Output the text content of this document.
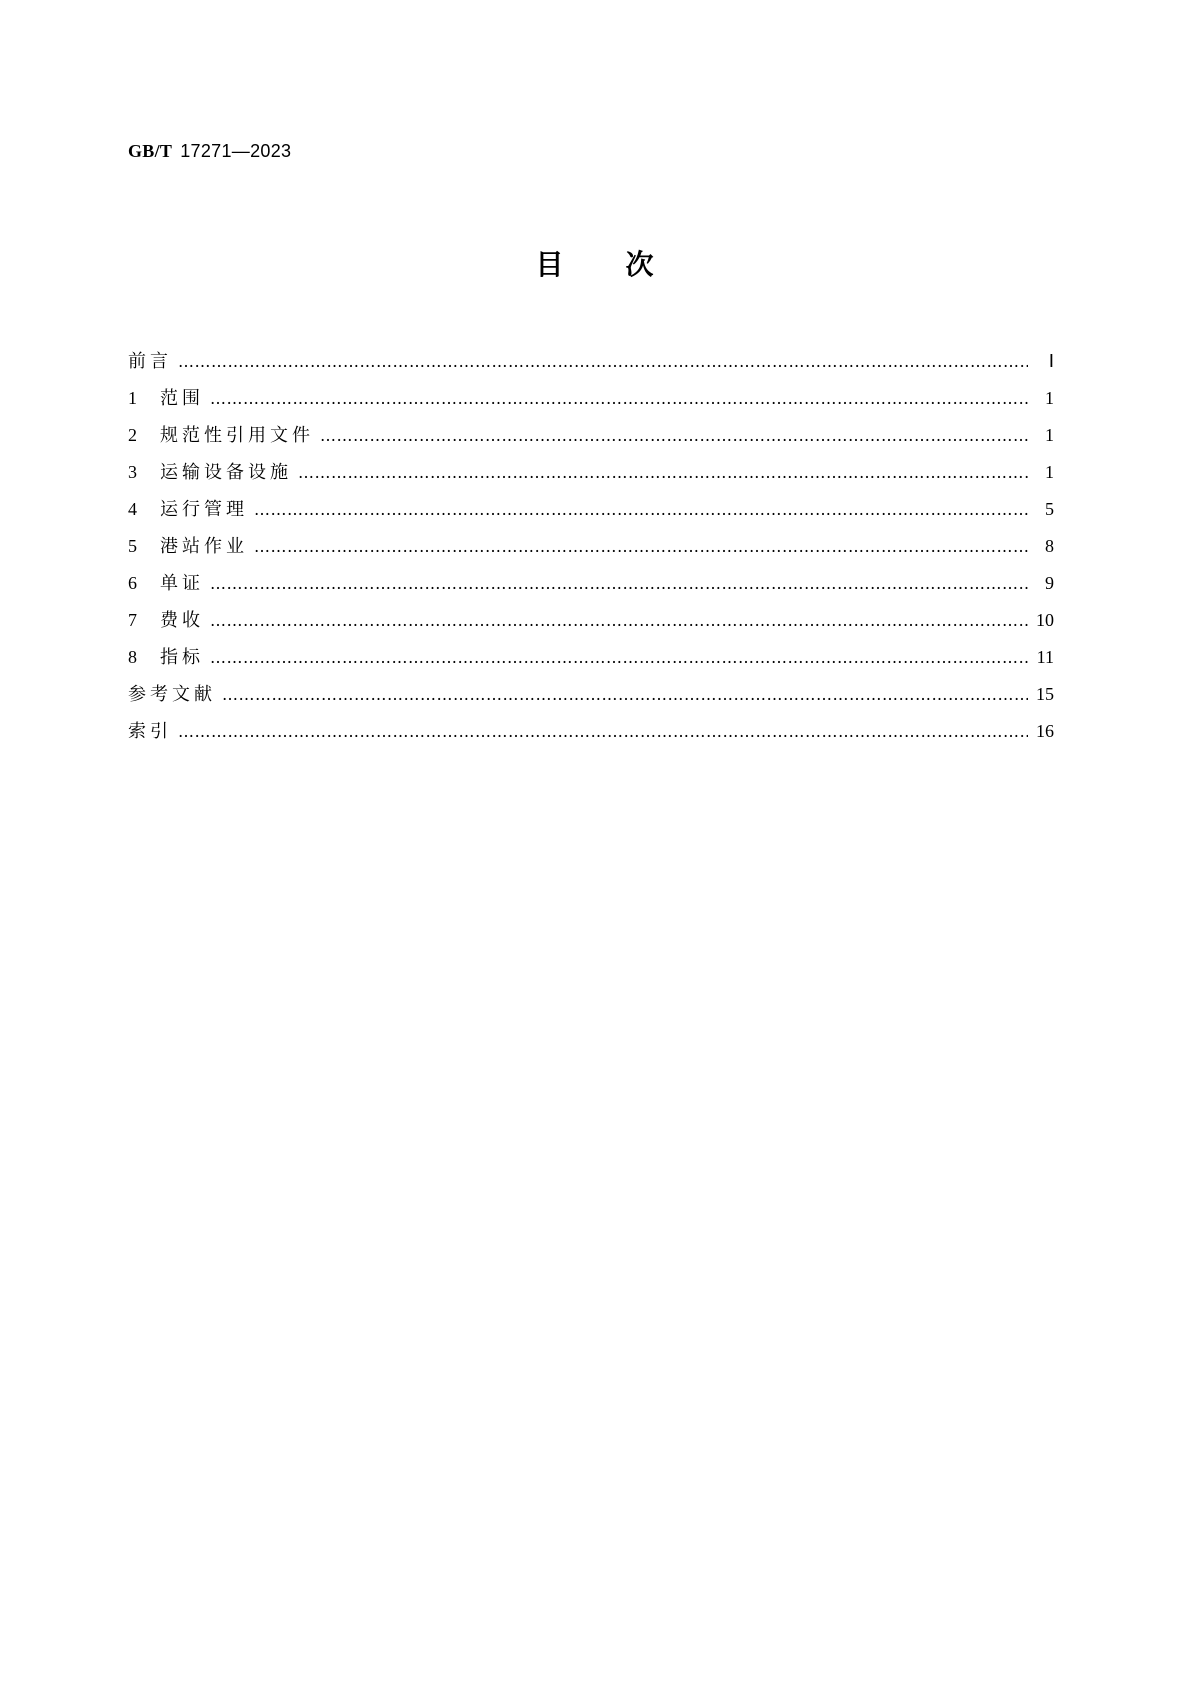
GB/T 17271—2023
目　　次
前言 ……………………………………………………………………………………………………………………………………………………………………………………………………………………	Ⅰ
1	范围 ……………………………………………………………………………………………………………………………………………………………………………………………………………………	1
2	规范性引用文件 ……………………………………………………………………………………………………………………………………………………………………………………………………………………	1
3	运输设备设施 ……………………………………………………………………………………………………………………………………………………………………………………………………………………	1
4	运行管理 ……………………………………………………………………………………………………………………………………………………………………………………………………………………	5
5	港站作业 ……………………………………………………………………………………………………………………………………………………………………………………………………………………	8
6	单证 ……………………………………………………………………………………………………………………………………………………………………………………………………………………	9
7	费收 ……………………………………………………………………………………………………………………………………………………………………………………………………………………	10
8	指标 ……………………………………………………………………………………………………………………………………………………………………………………………………………………	11
参考文献 ……………………………………………………………………………………………………………………………………………………………………………………………………………………	15
索引 ……………………………………………………………………………………………………………………………………………………………………………………………………………………	16
